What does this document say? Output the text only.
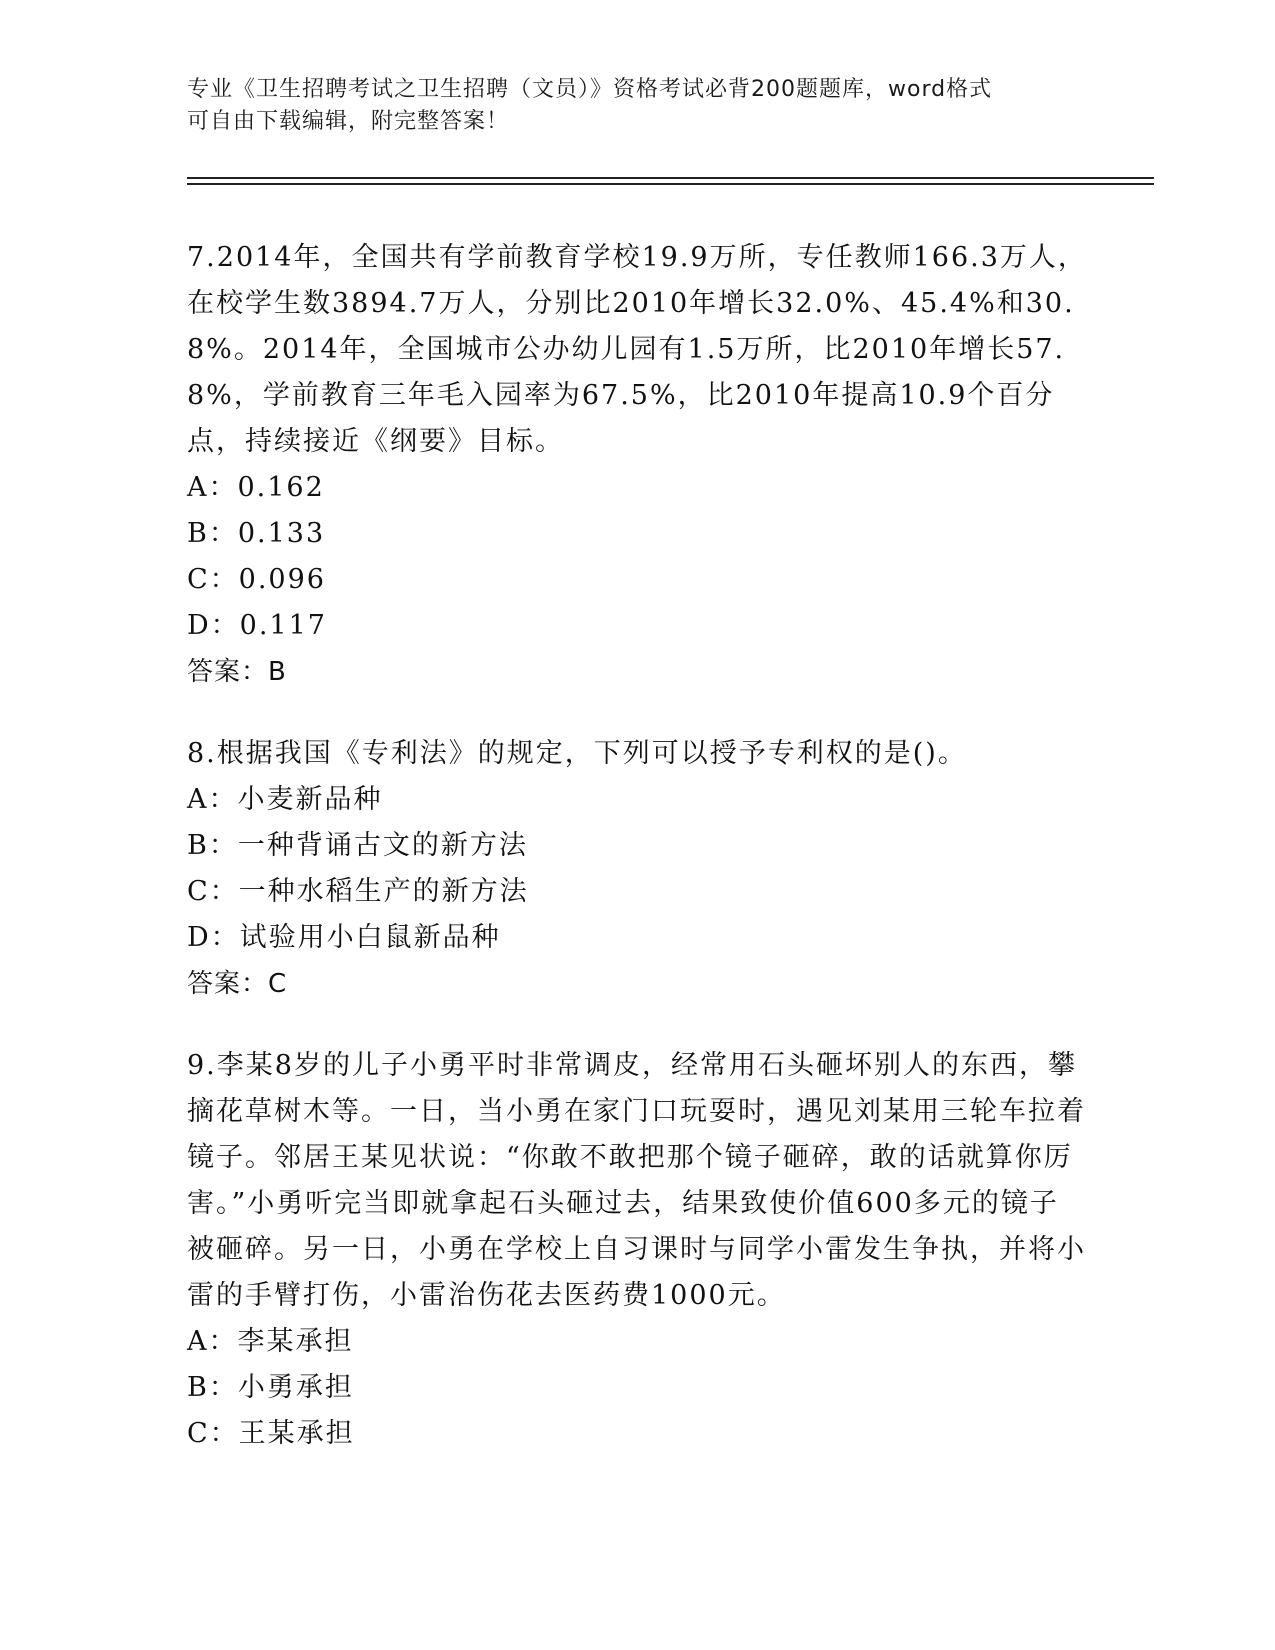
专业《卫生招聘考试之卫生招聘（文员）》资格考试必背200题题库，word格式
可自由下载编辑，附完整答案！
7.2014年，全国共有学前教育学校19.9万所，专任教师166.3万人，在校学生数3894.7万人，分别比2010年增长32.0%、45.4%和30.8%。2014年，全国城市公办幼儿园有1.5万所，比2010年增长57.8%，学前教育三年毛入园率为67.5%，比2010年提高10.9个百分点，持续接近《纲要》目标。
A：0.162
B：0.133
C：0.096
D：0.117
答案：B
8.根据我国《专利法》的规定，下列可以授予专利权的是()。
A：小麦新品种
B：一种背诵古文的新方法
C：一种水稻生产的新方法
D：试验用小白鼠新品种
答案：C
9.李某8岁的儿子小勇平时非常调皮，经常用石头砸坏别人的东西，攀摘花草树木等。一日，当小勇在家门口玩耍时，遇见刘某用三轮车拉着镜子。邻居王某见状说：“你敢不敢把那个镜子砸碎，敢的话就算你厉害。”小勇听完当即就拿起石头砸过去，结果致使价值600多元的镜子被砸碎。另一日，小勇在学校上自习课时与同学小雷发生争执，并将小雷的手臂打伤，小雷治伤花去医药费1000元。
A：李某承担
B：小勇承担
C：王某承担
